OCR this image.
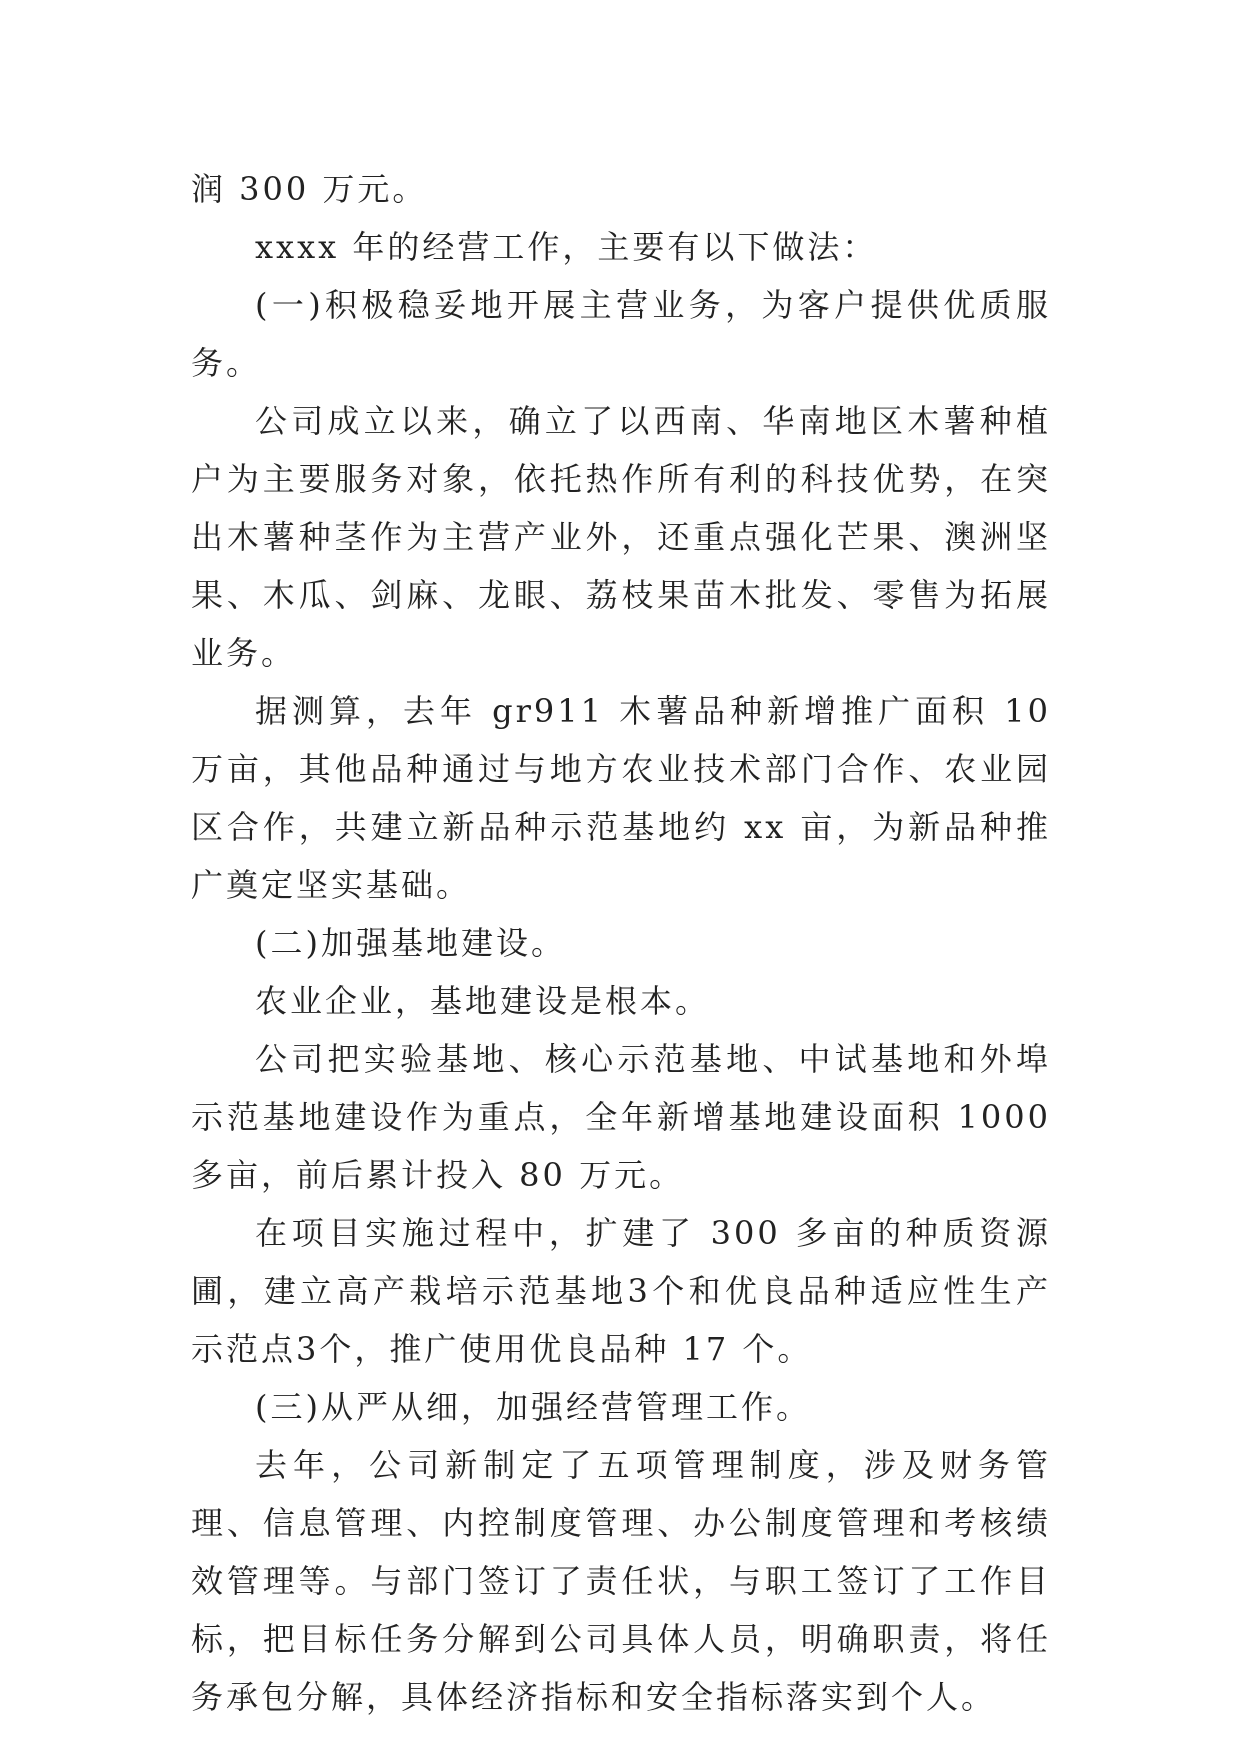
润 300 万元。

xxxx 年的经营工作，主要有以下做法：

(一)积极稳妥地开展主营业务，为客户提供优质服务。

公司成立以来，确立了以西南、华南地区木薯种植户为主要服务对象，依托热作所有利的科技优势，在突出木薯种茎作为主营产业外，还重点强化芒果、澳洲坚果、木瓜、剑麻、龙眼、荔枝果苗木批发、零售为拓展业务。

据测算，去年 gr911 木薯品种新增推广面积 10 万亩，其他品种通过与地方农业技术部门合作、农业园区合作，共建立新品种示范基地约 xx 亩，为新品种推广奠定坚实基础。

(二)加强基地建设。

农业企业，基地建设是根本。

公司把实验基地、核心示范基地、中试基地和外埠示范基地建设作为重点，全年新增基地建设面积 1000 多亩，前后累计投入 80 万元。

在项目实施过程中，扩建了 300 多亩的种质资源圃，建立高产栽培示范基地3个和优良品种适应性生产示范点3个，推广使用优良品种 17 个。

(三)从严从细，加强经营管理工作。

去年，公司新制定了五项管理制度，涉及财务管理、信息管理、内控制度管理、办公制度管理和考核绩效管理等。与部门签订了责任状，与职工签订了工作目标，把目标任务分解到公司具体人员，明确职责，将任务承包分解，具体经济指标和安全指标落实到个人。
